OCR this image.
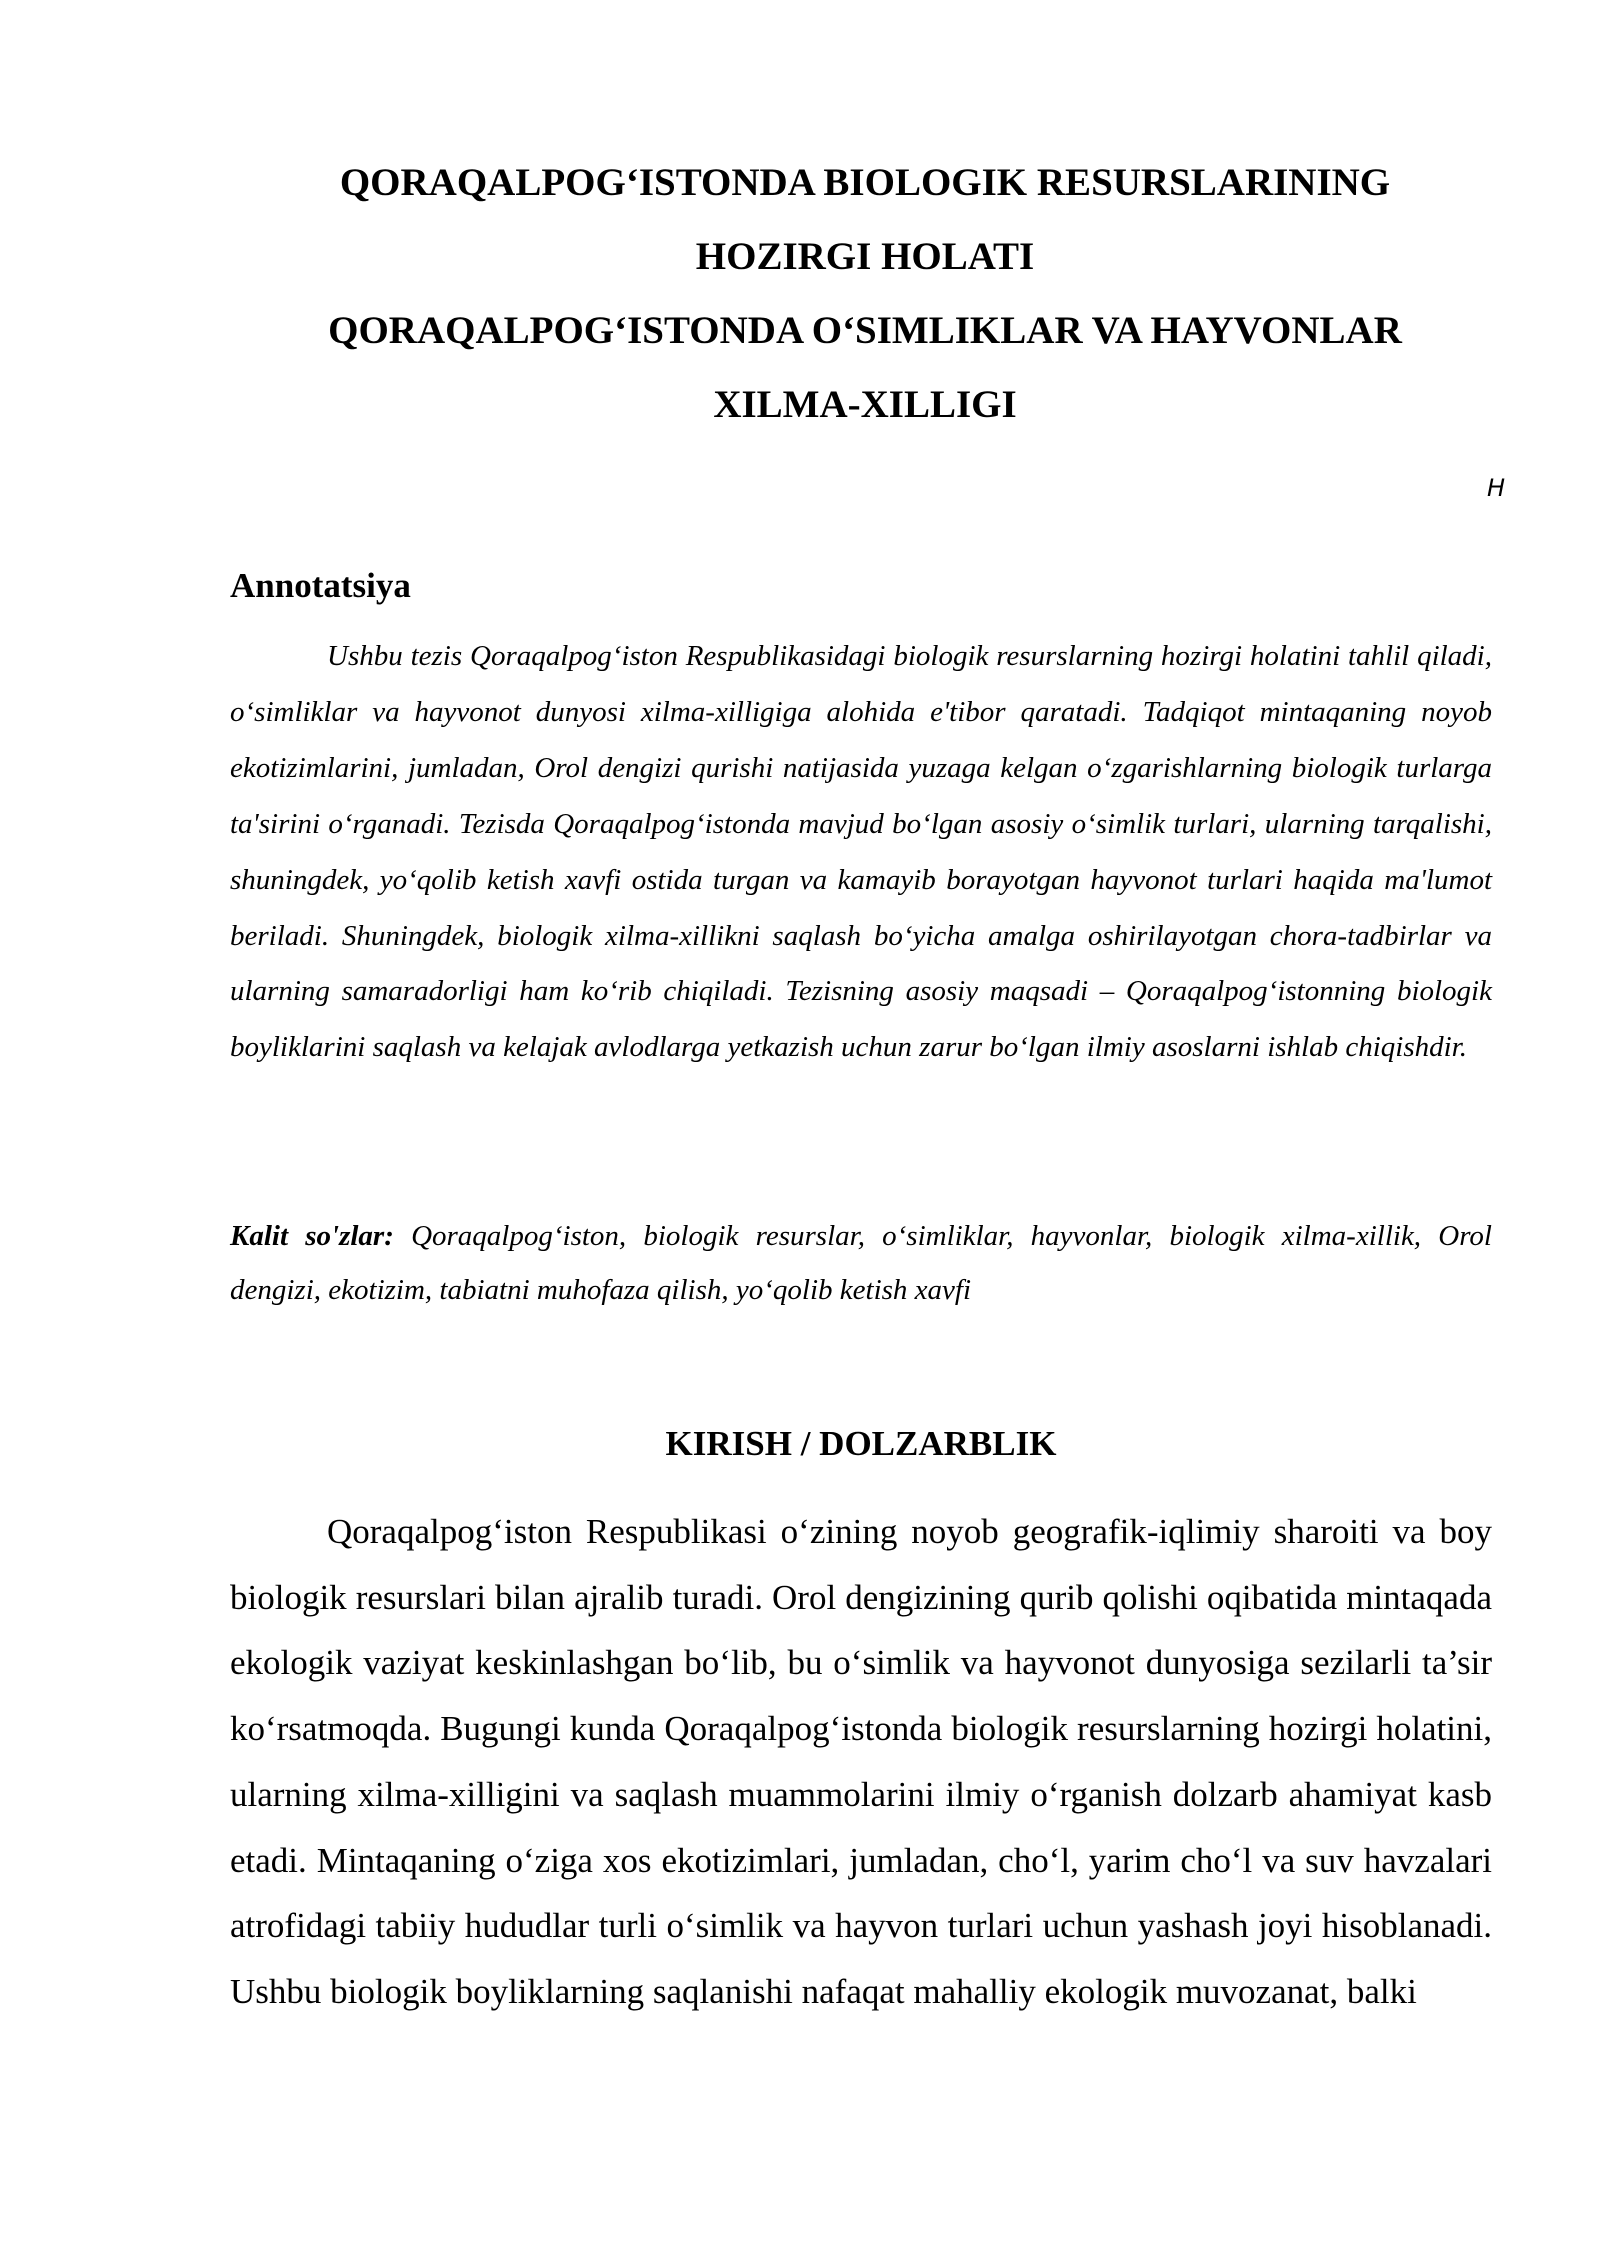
QORAQALPOG‘ISTONDA BIOLOGIK RESURSLARINING
HOZIRGI HOLATI
QORAQALPOG‘ISTONDA O‘SIMLIKLAR VA HAYVONLAR
XILMA-XILLIGI
Н
Annotatsiya

Ushbu tezis Qoraqalpog‘iston Respublikasidagi biologik resurslarning hozirgi holatini tahlil qiladi, o‘simliklar va hayvonot dunyosi xilma-xilligiga alohida e'tibor qaratadi. Tadqiqot mintaqaning noyob ekotizimlarini, jumladan, Orol dengizi qurishi natijasida yuzaga kelgan o‘zgarishlarning biologik turlarga ta'sirini o‘rganadi. Tezisda Qoraqalpog‘istonda mavjud bo‘lgan asosiy o‘simlik turlari, ularning tarqalishi, shuningdek, yo‘qolib ketish xavfi ostida turgan va kamayib borayotgan hayvonot turlari haqida ma'lumot beriladi. Shuningdek, biologik xilma-xillikni saqlash bo‘yicha amalga oshirilayotgan chora-tadbirlar va ularning samaradorligi ham ko‘rib chiqiladi. Tezisning asosiy maqsadi – Qoraqalpog‘istonning biologik boyliklarini saqlash va kelajak avlodlarga yetkazish uchun zarur bo‘lgan ilmiy asoslarni ishlab chiqishdir.

Kalit so'zlar: Qoraqalpog‘iston, biologik resurslar, o‘simliklar, hayvonlar, biologik xilma-xillik, Orol dengizi, ekotizim, tabiatni muhofaza qilish, yo‘qolib ketish xavfi

KIRISH / DOLZARBLIK

Qoraqalpog‘iston Respublikasi o‘zining noyob geografik-iqlimiy sharoiti va boy biologik resurslari bilan ajralib turadi. Orol dengizining qurib qolishi oqibatida mintaqada ekologik vaziyat keskinlashgan bo‘lib, bu o‘simlik va hayvonot dunyosiga sezilarli ta’sir ko‘rsatmoqda. Bugungi kunda Qoraqalpog‘istonda biologik resurslarning hozirgi holatini, ularning xilma-xilligini va saqlash muammolarini ilmiy o‘rganish dolzarb ahamiyat kasb etadi. Mintaqaning o‘ziga xos ekotizimlari, jumladan, cho‘l, yarim cho‘l va suv havzalari atrofidagi tabiiy hududlar turli o‘simlik va hayvon turlari uchun yashash joyi hisoblanadi. Ushbu biologik boyliklarning saqlanishi nafaqat mahalliy ekologik muvozanat, balki
